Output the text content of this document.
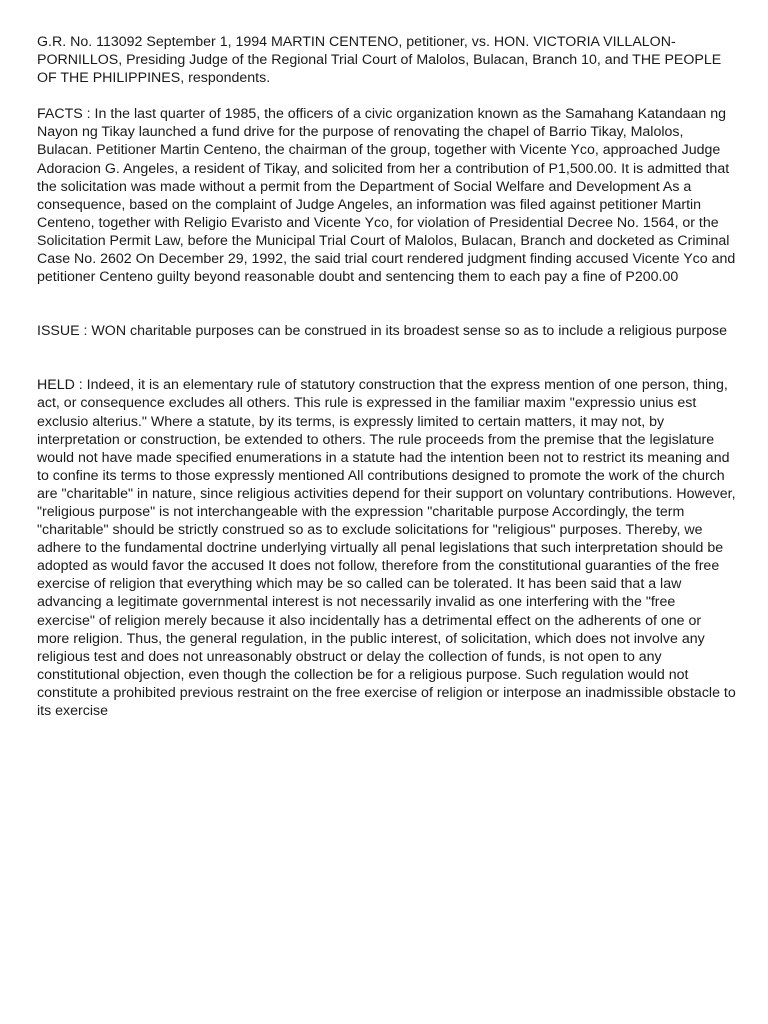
G.R. No. 113092 September 1, 1994 MARTIN CENTENO, petitioner, vs. HON. VICTORIA VILLALON-PORNILLOS, Presiding Judge of the Regional Trial Court of Malolos, Bulacan, Branch 10, and THE PEOPLE OF THE PHILIPPINES, respondents.

FACTS : In the last quarter of 1985, the officers of a civic organization known as the Samahang Katandaan ng Nayon ng Tikay launched a fund drive for the purpose of renovating the chapel of Barrio Tikay, Malolos, Bulacan. Petitioner Martin Centeno, the chairman of the group, together with Vicente Yco, approached Judge Adoracion G. Angeles, a resident of Tikay, and solicited from her a contribution of P1,500.00. It is admitted that the solicitation was made without a permit from the Department of Social Welfare and Development As a consequence, based on the complaint of Judge Angeles, an information was filed against petitioner Martin Centeno, together with Religio Evaristo and Vicente Yco, for violation of Presidential Decree No. 1564, or the Solicitation Permit Law, before the Municipal Trial Court of Malolos, Bulacan, Branch and docketed as Criminal Case No. 2602 On December 29, 1992, the said trial court rendered judgment finding accused Vicente Yco and petitioner Centeno guilty beyond reasonable doubt and sentencing them to each pay a fine of P200.00

ISSUE : WON charitable purposes can be construed in its broadest sense so as to include a religious purpose

HELD : Indeed, it is an elementary rule of statutory construction that the express mention of one person, thing, act, or consequence excludes all others. This rule is expressed in the familiar maxim "expressio unius est exclusio alterius." Where a statute, by its terms, is expressly limited to certain matters, it may not, by interpretation or construction, be extended to others. The rule proceeds from the premise that the legislature would not have made specified enumerations in a statute had the intention been not to restrict its meaning and to confine its terms to those expressly mentioned All contributions designed to promote the work of the church are "charitable" in nature, since religious activities depend for their support on voluntary contributions. However, "religious purpose" is not interchangeable with the expression "charitable purpose Accordingly, the term "charitable" should be strictly construed so as to exclude solicitations for "religious" purposes. Thereby, we adhere to the fundamental doctrine underlying virtually all penal legislations that such interpretation should be adopted as would favor the accused It does not follow, therefore from the constitutional guaranties of the free exercise of religion that everything which may be so called can be tolerated. It has been said that a law advancing a legitimate governmental interest is not necessarily invalid as one interfering with the "free exercise" of religion merely because it also incidentally has a detrimental effect on the adherents of one or more religion. Thus, the general regulation, in the public interest, of solicitation, which does not involve any religious test and does not unreasonably obstruct or delay the collection of funds, is not open to any constitutional objection, even though the collection be for a religious purpose. Such regulation would not constitute a prohibited previous restraint on the free exercise of religion or interpose an inadmissible obstacle to its exercise
